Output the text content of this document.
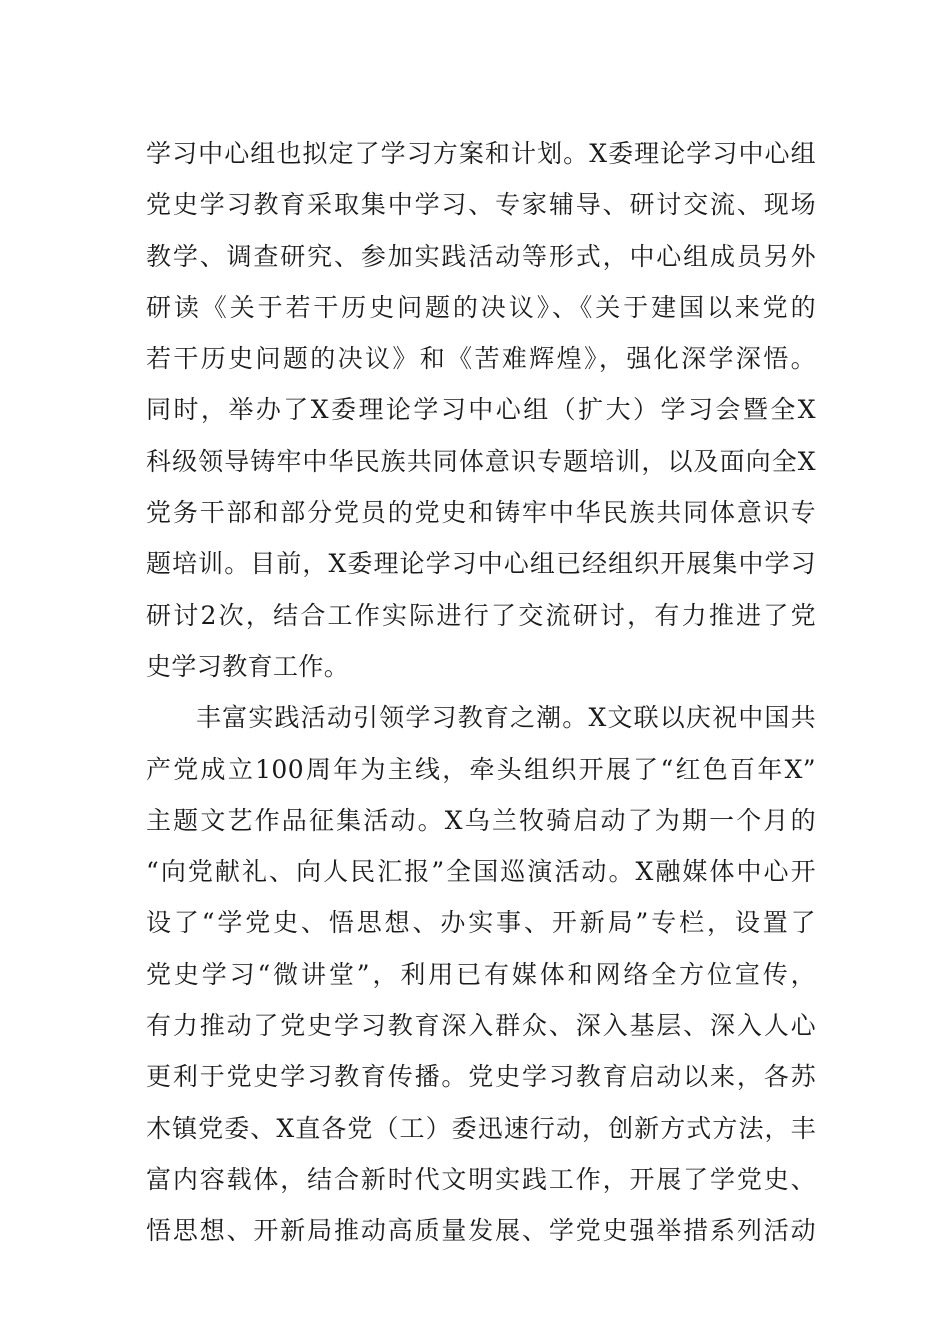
学习中心组也拟定了学习方案和计划。X委理论学习中心组
党史学习教育采取集中学习、专家辅导、研讨交流、现场
教学、调查研究、参加实践活动等形式，中心组成员另外
研读《关于若干历史问题的决议》、《关于建国以来党的
若干历史问题的决议》和《苦难辉煌》，强化深学深悟。
同时，举办了X委理论学习中心组（扩大）学习会暨全X
科级领导铸牢中华民族共同体意识专题培训，以及面向全X
党务干部和部分党员的党史和铸牢中华民族共同体意识专
题培训。目前，X委理论学习中心组已经组织开展集中学习
研讨2次，结合工作实际进行了交流研讨，有力推进了党
史学习教育工作。
丰富实践活动引领学习教育之潮。X文联以庆祝中国共
产党成立100周年为主线，牵头组织开展了“红色百年X”
主题文艺作品征集活动。X乌兰牧骑启动了为期一个月的
“向党献礼、向人民汇报”全国巡演活动。X融媒体中心开
设了“学党史、悟思想、办实事、开新局”专栏，设置了
党史学习“微讲堂”，利用已有媒体和网络全方位宣传，
有力推动了党史学习教育深入群众、深入基层、深入人心
更利于党史学习教育传播。党史学习教育启动以来，各苏
木镇党委、X直各党（工）委迅速行动，创新方式方法，丰
富内容载体，结合新时代文明实践工作，开展了学党史、
悟思想、开新局推动高质量发展、学党史强举措系列活动
